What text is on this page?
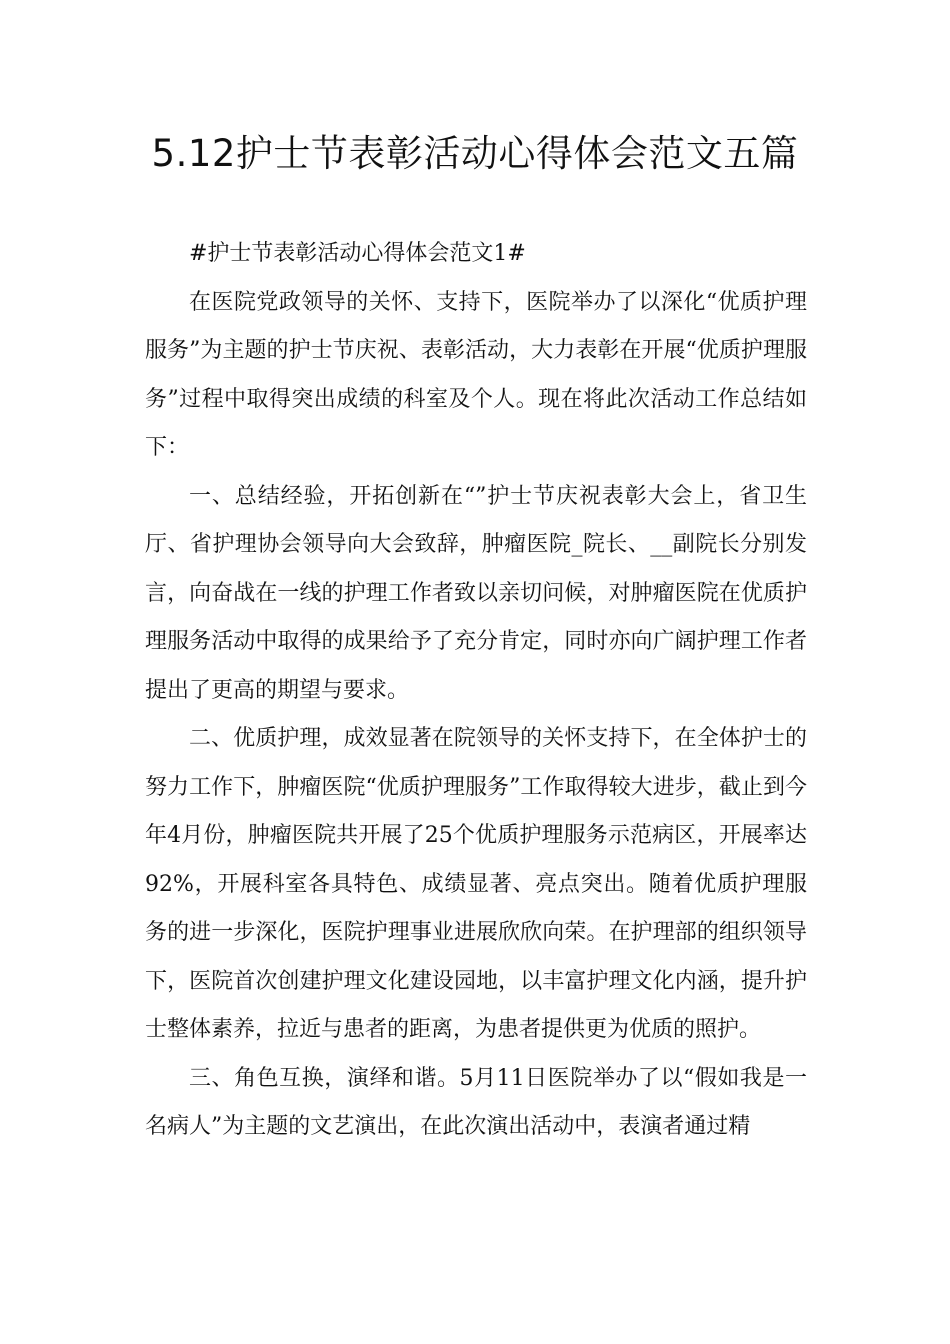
5.12护士节表彰活动心得体会范文五篇

#护士节表彰活动心得体会范文1#

在医院党政领导的关怀、支持下，医院举办了以深化“优质护理服务”为主题的护士节庆祝、表彰活动，大力表彰在开展“优质护理服务”过程中取得突出成绩的科室及个人。现在将此次活动工作总结如下：

一、总结经验，开拓创新在“”护士节庆祝表彰大会上，省卫生厅、省护理协会领导向大会致辞，肿瘤医院_院长、__副院长分别发言，向奋战在一线的护理工作者致以亲切问候，对肿瘤医院在优质护理服务活动中取得的成果给予了充分肯定，同时亦向广阔护理工作者提出了更高的期望与要求。

二、优质护理，成效显著在院领导的关怀支持下，在全体护士的努力工作下，肿瘤医院“优质护理服务”工作取得较大进步，截止到今年4月份，肿瘤医院共开展了25个优质护理服务示范病区，开展率达92%，开展科室各具特色、成绩显著、亮点突出。随着优质护理服务的进一步深化，医院护理事业进展欣欣向荣。在护理部的组织领导下，医院首次创建护理文化建设园地，以丰富护理文化内涵，提升护士整体素养，拉近与患者的距离，为患者提供更为优质的照护。

三、角色互换，演绎和谐。5月11日医院举办了以“假如我是一名病人”为主题的文艺演出，在此次演出活动中，表演者通过精
